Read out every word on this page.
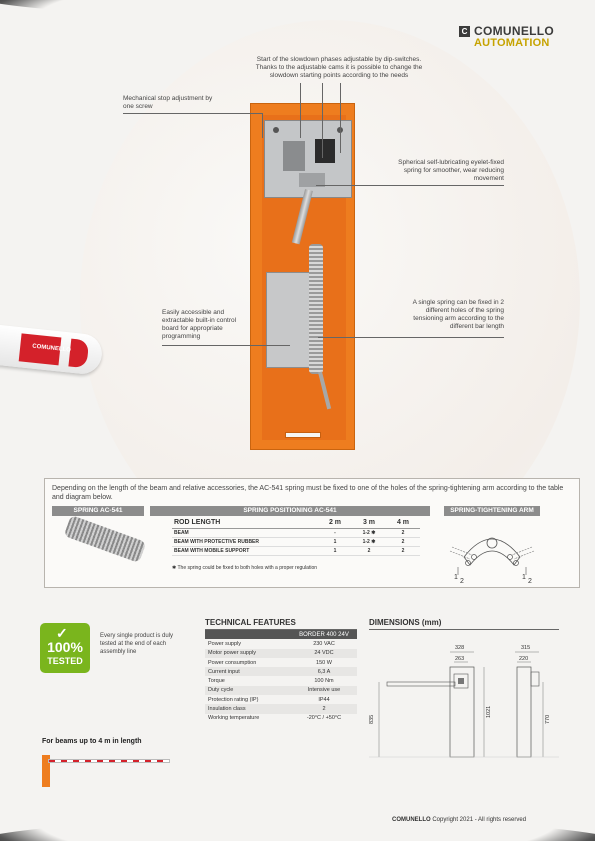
C COMUNELLO
AUTOMATION
Start of the slowdown phases adjustable by dip-switches. Thanks to the adjustable cams it is possible to change the slowdown starting points according to the needs
Mechanical stop adjustment by one screw
Spherical self-lubricating eyelet-fixed spring for smoother, wear reducing movement
Easily accessible and extractable built-in control board for appropriate programming
A single spring can be fixed in 2 different holes of the spring tensioning arm according to the different bar length
COMUNELLO
Depending on the length of the beam and relative accessories, the AC-541 spring must be fixed to one of the holes of the spring-tightening arm according to the table and diagram below.
SPRING AC-541	SPRING POSITIONING AC-541	SPRING-TIGHTENING ARM
ROD LENGTH	2 m	3 m	4 m
BEAM	-	1-2 ✱	2
BEAM WITH PROTECTIVE RUBBER	1	1-2 ✱	2
BEAM WITH MOBILE SUPPORT	1	2	2
✱ The spring could be fixed to both holes with a proper regulation
1
2
1
2
✓
100%
TESTED
Every single product is duly tested at the end of each assembly line
TECHNICAL FEATURES
	BORDER 400 24V
Power supply	230 VAC
Motor power supply	24 VDC
Power consumption	150 W
Current input	6,3 A
Torque	100 Nm
Duty cycle	Intensive use
Protection rating (IP)	IP44
Insulation class	2
Working temperature	-20°C / +50°C
DIMENSIONS (mm)
328
263
315
220
835
1021
770
For beams up to 4 m in length
COMUNELLO Copyright 2021 - All rights reserved
